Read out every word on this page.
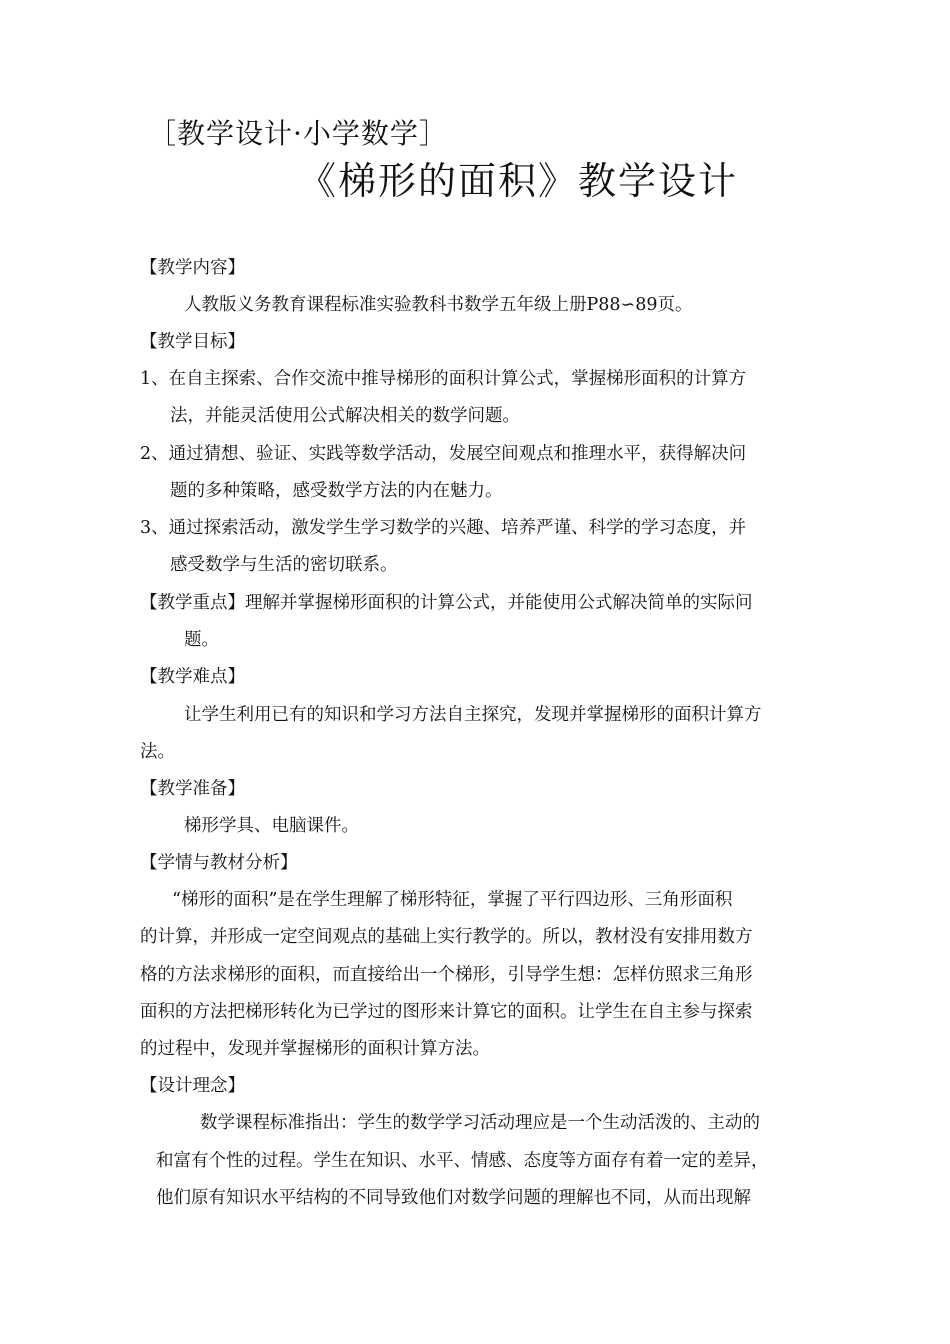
［教学设计·小学数学］
《梯形的面积》教学设计
【教学内容】
人教版义务教育课程标准实验教科书数学五年级上册P88∽89页。
【教学目标】
1、在自主探索、合作交流中推导梯形的面积计算公式，掌握梯形面积的计算方
法，并能灵活使用公式解决相关的数学问题。
2、通过猜想、验证、实践等数学活动，发展空间观点和推理水平，获得解决问
题的多种策略，感受数学方法的内在魅力。
3、通过探索活动，激发学生学习数学的兴趣、培养严谨、科学的学习态度，并
感受数学与生活的密切联系。
【教学重点】理解并掌握梯形面积的计算公式，并能使用公式解决简单的实际问
题。
【教学难点】
让学生利用已有的知识和学习方法自主探究，发现并掌握梯形的面积计算方
法。
【教学准备】
梯形学具、电脑课件。
【学情与教材分析】
“梯形的面积”是在学生理解了梯形特征，掌握了平行四边形、三角形面积
的计算，并形成一定空间观点的基础上实行教学的。所以，教材没有安排用数方
格的方法求梯形的面积，而直接给出一个梯形，引导学生想：怎样仿照求三角形
面积的方法把梯形转化为已学过的图形来计算它的面积。让学生在自主参与探索
的过程中，发现并掌握梯形的面积计算方法。
【设计理念】
数学课程标准指出：学生的数学学习活动理应是一个生动活泼的、主动的
和富有个性的过程。学生在知识、水平、情感、态度等方面存有着一定的差异，
他们原有知识水平结构的不同导致他们对数学问题的理解也不同，从而出现解
